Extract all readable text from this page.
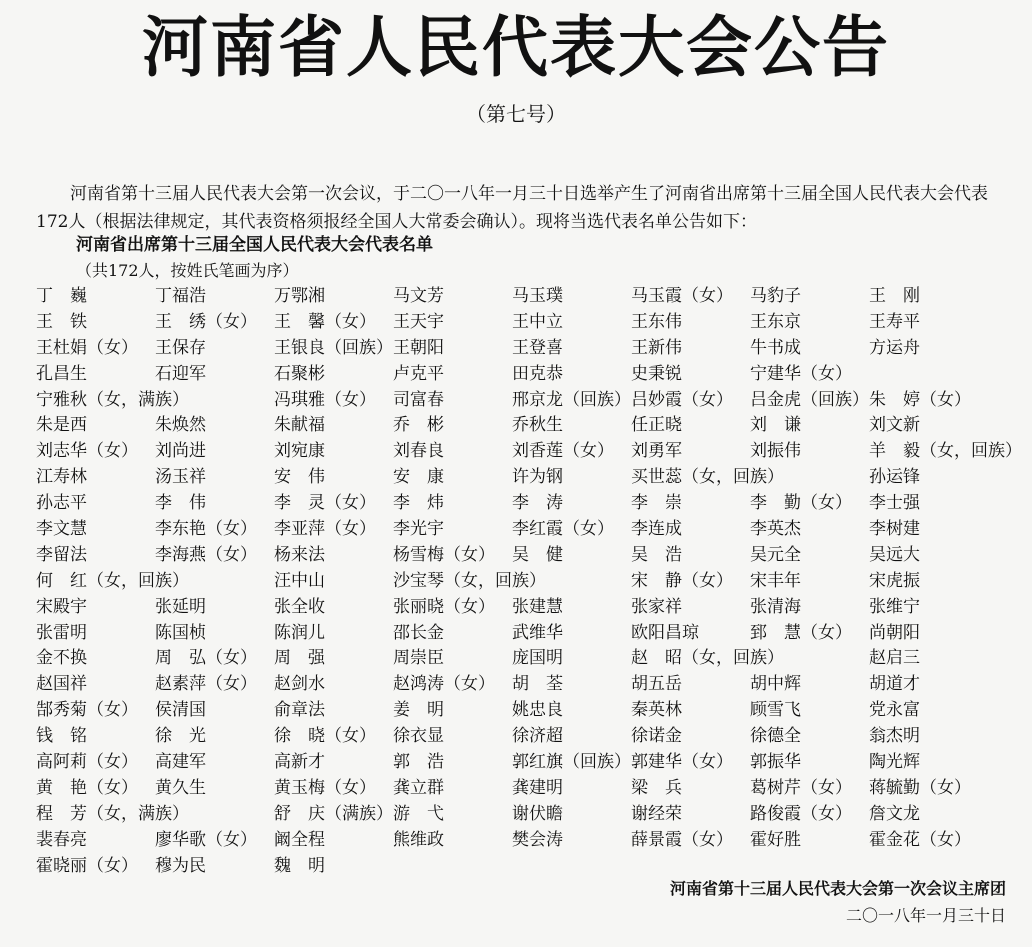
河南省人民代表大会公告
（第七号）
河南省第十三届人民代表大会第一次会议，于二〇一八年一月三十日选举产生了河南省出席第十三届全国人民代表大会代表172人（根据法律规定，其代表资格须报经全国人大常委会确认）。现将当选代表名单公告如下：
河南省出席第十三届全国人民代表大会代表名单
（共172人，按姓氏笔画为序）
丁　巍	丁福浩	万鄂湘	马文芳	马玉璞	马玉霞（女）	马豹子	王　刚
王　铁	王　绣（女）	王　馨（女）	王天宇	王中立	王东伟	王东京	王寿平
王杜娟（女）	王保存	王银良（回族） 王朝阳	王登喜	王新伟	牛书成	方运舟
孔昌生	石迎军	石聚彬	卢克平	田克恭	史秉锐	宁建华（女）
宁雅秋（女，满族）	冯琪雅（女）	司富春	邢京龙（回族） 吕妙霞（女）	吕金虎（回族） 朱　婷（女）
朱是西	朱焕然	朱献福	乔　彬	乔秋生	任正晓	刘　谦	刘文新
刘志华（女）	刘尚进	刘宛康	刘春良	刘香莲（女）	刘勇军	刘振伟	羊　毅（女，回族）
江寿林	汤玉祥	安　伟	安　康	许为钢	买世蕊（女，回族）	孙运锋
孙志平	李　伟	李　灵（女）	李　炜	李　涛	李　崇	李　勤（女）	李士强
李文慧	李东艳（女）	李亚萍（女）	李光宇	李红霞（女）	李连成	李英杰	李树建
李留法	李海燕（女）	杨来法	杨雪梅（女）	吴　健	吴　浩	吴元全	吴远大
何　红（女，回族）	汪中山	沙宝琴（女，回族）	宋　静（女）	宋丰年	宋虎振
宋殿宇	张延明	张全收	张丽晓（女）	张建慧	张家祥	张清海	张维宁
张雷明	陈国桢	陈润儿	邵长金	武维华	欧阳昌琼	郅　慧（女）	尚朝阳
金不换	周　弘（女）	周　强	周崇臣	庞国明	赵　昭（女，回族）	赵启三
赵国祥	赵素萍（女）	赵剑水	赵鸿涛（女）	胡　荃	胡五岳	胡中辉	胡道才
郜秀菊（女）	侯清国	俞章法	姜　明	姚忠良	秦英林	顾雪飞	党永富
钱　铭	徐　光	徐　晓（女）	徐衣显	徐济超	徐诺金	徐德全	翁杰明
高阿莉（女）	高建军	高新才	郭　浩	郭红旗（回族） 郭建华（女）	郭振华	陶光辉
黄　艳（女）	黄久生	黄玉梅（女）	龚立群	龚建明	梁　兵	葛树芹（女）	蒋毓勤（女）
程　芳（女，满族）	舒　庆（满族） 游　弋	谢伏瞻	谢经荣	路俊霞（女）	詹文龙
裴春亮	廖华歌（女）	阚全程	熊维政	樊会涛	薛景霞（女）	霍好胜	霍金花（女）
霍晓丽（女）	穆为民	魏　明
河南省第十三届人民代表大会第一次会议主席团
二〇一八年一月三十日
